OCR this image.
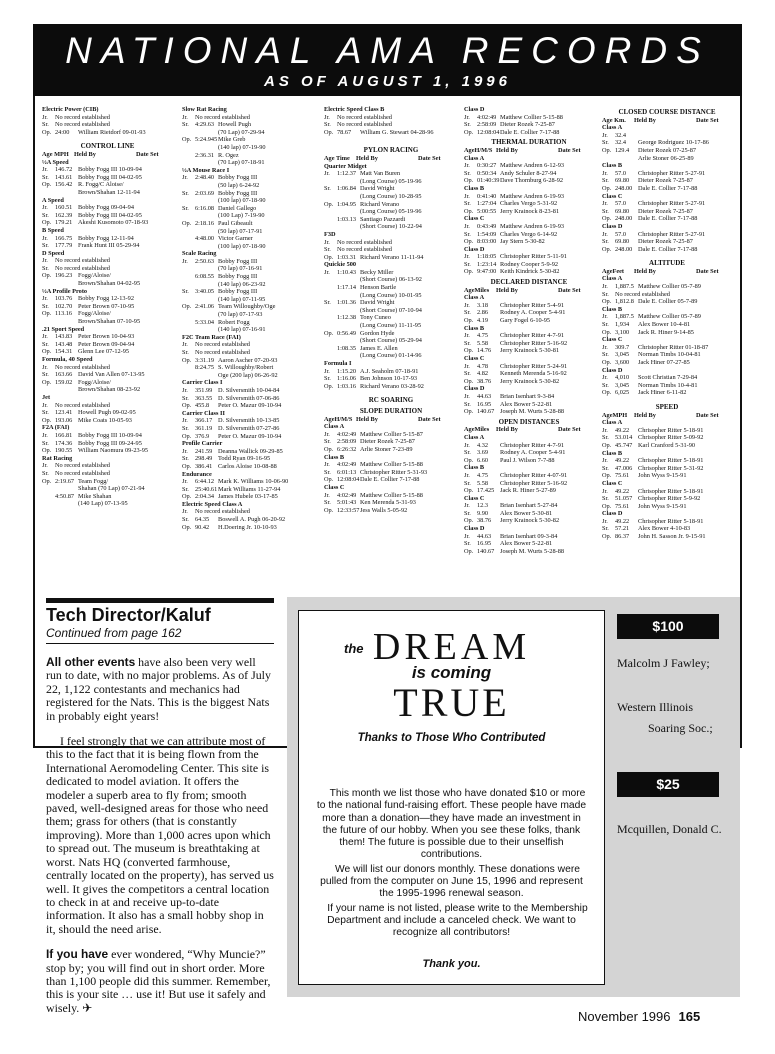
NATIONAL AMA RECORDS
AS OF AUGUST 1, 1996
Electric Power (CIB)
Jr.	No record established
Sr. No record established
Op. 24:00	William Rietdorf 09-01-93
CONTROL LINE
Age MPH Held By	Date Set
½A Speed
Jr.	146.72 Bobby Fogg III 10-09-94
Sr. 143.61 Bobby Fogg III 04-02-95
Op. 156.42 R. Fogg/C Aloise/
Brown/Shahan 12-11-94
A Speed
Jr.	160.51 Bobby Fogg 09-04-94
Sr. 162.39 Bobby Fogg III 04-02-95
Op. 179.21 Akeshi Kusomoto 07-18-93
B Speed
Jr.	166.75 Bobby Fogg 12-11-94
Sr. 177.79 Frank Hunt III 05-29-94
D Speed
Jr.	No record established
Sr. No record established
Op. 196.23 Fogg/Aloise/
Brown/Shahan 04-02-95
½A Profile Proto
Jr.	103.76 Bobby Fogg 12-13-92
Sr. 102.70 Peter Brown 07-10-95
Op. 113.16 Fogg/Aloise/
Brown/Shahan 07-10-95
.21 Sport Speed
Jr.	143.83 Peter Brown 10-04-93
Sr. 143.48 Peter Brown 09-04-94
Op. 154.31 Glenn Lee 07-12-95
Formula, 40 Speed
Jr.	No record established
Sr. 163.66 David Van Allen 07-13-95
Op. 159.02 Fogg/Aloise/
Brown/Shahan 08-23-92
Jet
Jr.	No record established
Sr. 123.41 Howell Pugh 09-02-95
Op. 193.06 Mike Coats 10-05-93
F2A (FAI)
Jr.	166.81 Bobby Fogg III 10-09-94
Sr. 174.36 Bobby Fogg III 09-24-95
Op. 190.55 William Naomura 09-23-95
Rat Racing
Jr.	No record established
Sr. No record established
Op. 2:19.67 Team Fogg/
Shahan (70 Lap) 07-21-94
4:50.87 Mike Shahan
(140 Lap) 07-13-95
Slow Rat Racing
Jr.	No record established
Sr. 4:29.63 Howell Pugh
(70 Lap) 07-29-94
Op. 5:24.945 Mike Greb
(140 lap) 07-19-90
2:36.31 R. Ogez
(70 Lap) 07-18-91
½A Mouse Race I
Jr.	2:48.40 Bobby Fogg III
(50 lap) 6-24-92
Sr. 2:03.69 Bobby Fogg III
(100 lap) 07-18-90
Sr. 6:16.08 Daniel Gallego
(100 Lap) 7-19-90
Op. 2:18.16 Paul Gibeault
(50 lap) 07-17-91
4:48.00 Victor Garner
(100 lap) 07-18-90
Scale Racing
Jr.	2:50.63 Bobby Fogg III
(70 lap) 07-16-91
6:08.55 Bobby Fogg III
(140 lap) 06-23-92
Sr. 3:40.05 Bobby Fogg III
(140 lap) 07-11-95
Op. 2:41.06 Team Willoughby/Oge
(70 lap) 07-17-93
5:33.04 Robert Fogg
(140 lap) 07-16-91
F2C Team Race (FAI)
Jr.	No record established
Sr. No record established
Op. 3:31.19 Aaron Ascher 07-20-93
8:24.75 S. Willoughby/Robert
Oge (200 lap) 06-26-92
Carrier Class I
Jr.	351.99 D. Silversmith 10-04-84
Sr. 363.55 D. Silversmith 07-06-86
Op. 455.8	Peter O. Mazur 09-10-94
Carrier Class II
Jr.	366.17 D. Silversmith 10-13-85
Sr. 361.19 D. Silversmith 07-27-86
Op. 376.9	Peter O. Mazur 09-10-94
Profile Carrier
Jr.	241.59 Deanna Wallick 09-29-85
Sr. 298.49 Todd Ryan 09-16-95
Op. 386.41 Carlos Aloise 10-08-88
Endurance
Jr.	6:44.12 Mark K. Williams 10-06-90
Sr. 25:40.61 Mark Williams 11-27-94
Op. 2:04.34 James Hubele 03-17-85
Electric Speed Class A
Jr.	No record established
Sr. 64.35	Boswell A. Pugh 06-20-92
Op. 90.42	H.Doering Jr. 10-10-93
Electric Speed Class B
Jr.	No record established
Sr. No record established
Op. 78.67	William G. Stewart 04-28-96
PYLON RACING
Age Time Held By	Date Set
Quarter Midget
Jr.	1:12.37 Matt Van Buren
(Long Course) 05-19-96
Sr. 1:06.84 David Wright
(Long Course) 10-28-95
Op. 1:04.95 Richard Verano
(Long Course) 05-19-96
1:03.13 Santiago Pazzardi
(Short Course) 10-22-94
F3D
Jr.	No record established
Sr. No record established
Op. 1:03.31 Richard Verano 11-11-94
Quickie 500
Jr.	1:10.43 Becky Miller
(Short Course) 06-13-92
1:17.14 Henson Bartle
(Long Course) 10-01-95
Sr. 1:01.36 David Wright
(Short Course) 07-10-94
1:12.38 Tony Cuneo
(Long Course) 11-11-95
Op. 0:56.49 Gordon Hyde
(Short Course) 05-29-94
1:08.35 James E. Allen
(Long Course) 01-14-96
Formula I
Jr.	1:15.20 A.J. Seaholm 07-18-91
Sr. 1:16.06 Ben Johnson 10-17-93
Op. 1:03.16 Richard Verano 03-28-92
RC SOARING
SLOPE DURATION
AgeH/M/S Held By	Date Set
Class A
Jr.	4:02:49 Matthew Collier 5-15-87
Sr. 2:58:09 Dieter Rozek 7-25-87
Op. 6:26:32 Arlie Stoner 7-23-89
Class B
Jr.	4:02:49 Matthew Collier 5-15-88
Sr. 6:01:13 Christopher Ritter 5-31-93
Op. 12:08:04 Dale E. Collier 7-17-88
Class C
Jr.	4:02:49 Matthew Collier 5-15-88
Sr. 5:01:43 Ken Merenda 5-31-93
Op. 12:33:57 Jess Walls 5-05-92
Class D
Jr.	4:02:49 Matthew Collier 5-15-88
Sr. 2:58:09 Dieter Rozek 7-25-87
Op. 12:08:04 Dale E. Collier 7-17-88
THERMAL DURATION
AgeH/M/S Held By	Date Set
Class A
Jr.	0:30:27 Matthew Andren 6-12-93
Sr. 0:50:34 Andy Schuler 8-27-94
Op. 01:40:39 Dave Thornburg 6-28-92
Class B
Jr.	0:41:40 Matthew Andren 6-19-93
Sr. 1:27:04 Charles Vergo 5-31-92
Op. 5:00:55 Jerry Krainock 8-23-81
Class C
Jr.	0:43:49 Matthew Andren 6-19-93
Sr. 1:54:09 Charles Vergo 6-14-92
Op. 8:03:00 Jay Stern 5-30-82
Class D
Jr.	1:18:05 Christopher Ritter 5-11-91
Sr. 1:23:14 Rodney Cooper 5-9-92
Op. 9:47:00 Keith Kindrick 5-30-82
DECLARED DISTANCE
AgeMiles	Held By	Date Set
Class A
Jr.	3.18	Christopher Ritter 5-4-91
Sr. 2.86	Rodney A. Cooper 5-4-91
Op. 4.19	Gary Fogel 6-10-95
Class B
Jr.	4.75	Christopher Ritter 4-7-91
Sr. 5.58	Christopher Ritter 5-16-92
Op. 14.76	Jerry Krainock 5-30-81
Class C
Jr.	4.78	Christopher Ritter 5-24-91
Sr. 4.82	Kenneth Merenda 5-16-92
Op. 38.76	Jerry Krainock 5-30-82
Class D
Jr.	44.63	Brian Isenhart 9-3-84
Sr. 16.95	Alex Bower 5-22-81
Op. 140.67 Joseph M. Wurts 5-28-88
OPEN DISTANCES
AgeMiles	Held By	Date Set
Class A
Jr.	4.32	Christopher Ritter 4-7-91
Sr. 3.69	Rodney A. Cooper 5-4-91
Op. 6.60	Paul J. Wilson 7-7-88
Class B
Jr.	4.75	Christopher Ritter 4-07-91
Sr. 5.58	Christopher Ritter 5-16-92
Op. 17.425 Jack R. Hiner 5-27-89
Class C
Jr.	12.3	Brian Isenhart 5-27-84
Sr. 9.90	Alex Bower 5-30-81
Op. 38.76	Jerry Krainock 5-30-82
Class D
Jr.	44.63	Brian Isenhart 09-3-84
Sr. 16.95	Alex Bower 5-22-81
Op. 140.67 Joseph M. Wurts 5-28-88
CLOSED COURSE DISTANCE
Age Km.	Held By	Date Set
Class A
Jr.	32.4
Sr. 32.4	George Rodriguez 10-17-86
Op. 129.4	Dieter Rozek 07-25-87
Arlie Stoner 06-25-89
Class B
Jr.	57.0	Christopher Ritter 5-27-91
Sr. 69.80	Dieter Rozek 7-25-87
Op. 248.00 Dale E. Collier 7-17-88
Class C
Jr.	57.0	Christopher Ritter 5-27-91
Sr. 69.80	Dieter Rozek 7-25-87
Op. 248.00 Dale E. Collier 7-17-88
Class D
Jr.	57.0	Christopher Ritter 5-27-91
Sr. 69.80	Dieter Rozek 7-25-87
Op. 248.00 Dale E. Collier 7-17-88
ALTITUDE
AgeFeet	Held By	Date Set
Class A
Jr.	1,887.5 Matthew Collier 05-7-89
Sr. No record established
Op. 1,812.8 Dale E. Collier 05-7-89
Class B
Jr.	1,887.5 Matthew Collier 05-7-89
Sr. 1,934	Alex Bower 10-4-81
Op. 3,100	Jack R. Hiner 9-14-85
Class C
Jr.	309.7	Christopher Ritter 01-18-87
Sr. 3,045	Norman Timbs 10-04-81
Op. 3,600	Jack Hiner 07-27-85
Class D
Jr.	4,010	Scott Christian 7-29-84
Sr. 3,045	Norman Timbs 10-4-81
Op. 6,025	Jack Hiner 6-11-82
SPEED
AgeMPH	Held By	Date Set
Class A
Jr.	49.22	Chrisopher Ritter 5-18-91
Sr. 53.014 Chrisopher Ritter 5-09-92
Op. 45.747 Karl Cranford 5-31-90
Class B
Jr.	49.22	Chrisopher Ritter 5-18-91
Sr. 47.006 Chrisopher Ritter 5-31-92
Op. 75.61	John Wyss 9-15-91
Class C
Jr.	49.22	Chrisopher Ritter 5-18-91
Sr. 51.057 Chrisopher Ritter 5-9-92
Op. 75.61	John Wyss 9-15-91
Class D
Jr.	49.22	Chrisopher Ritter 5-18-91
Sr. 57.21	Alex Bower 4-10-83
Op. 86.37	John H. Sasson Jr. 9-15-91
Tech Director/Kaluf
Continued from page 162

All other events have also been very well run to date, with no major problems. As of July 22, 1,122 contestants and mechanics had registered for the Nats. This is the biggest Nats in probably eight years!

I feel strongly that we can attribute most of this to the fact that it is being flown from the International Aeromodeling Center. This site is dedicated to model aviation. It offers the modeler a superb area to fly from; smooth paved, well-designed areas for those who need them; grass for others (that is constantly improving). More than 1,000 acres upon which to spread out. The museum is breathtaking at worst. Nats HQ (converted farmhouse, centrally located on the property), has served us well. It gives the competitors a central location to check in at and receive up-to-date information. It also has a small hobby shop in it, should the need arise.

If you have ever wondered, “Why Muncie?” stop by; you will find out in short order. More than 1,100 people did this summer. Remember, this is your site … use it! But use it safely and wisely. ✈

the DREAM
is coming
TRUE
Thanks to Those Who Contributed

This month we list those who have donated $10 or more to the national fund-raising effort. These people have made more than a donation—they have made an investment in the future of our hobby. When you see these folks, thank them! The future is possible due to their unselfish contributions.

We will list our donors monthly. These donations were pulled from the computer on June 15, 1996 and represent the 1995-1996 renewal season.

If your name is not listed, please write to the Membership Department and include a canceled check. We want to recognize all contributors!

Thank you.
$100
Malcolm J Fawley;
Western Illinois
Soaring Soc.;
$25
Mcquillen, Donald C.
November 1996 165
